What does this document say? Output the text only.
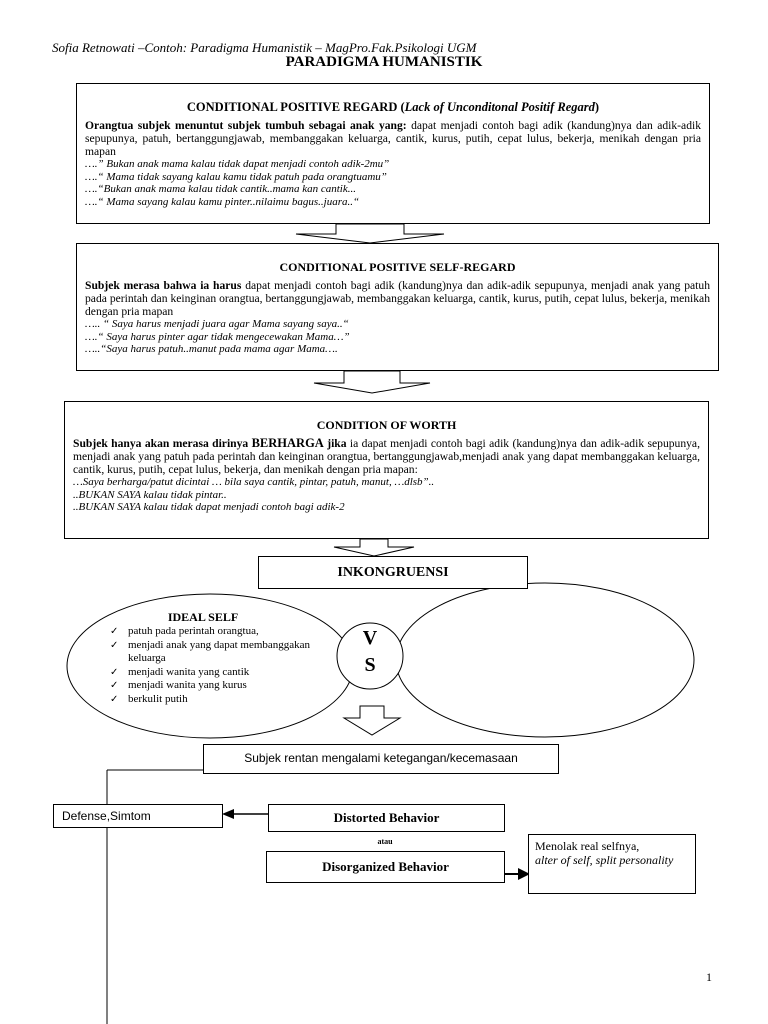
Sofia Retnowati –Contoh: Paradigma Humanistik – MagPro.Fak.Psikologi UGM
PARADIGMA HUMANISTIK
CONDITIONAL POSITIVE REGARD (Lack of Unconditonal Positif Regard)
Orangtua subjek menuntut subjek tumbuh sebagai anak yang: dapat menjadi contoh bagi adik (kandung)nya dan adik-adik sepupunya, patuh, bertanggungjawab, membanggakan keluarga, cantik, kurus, putih, cepat lulus, bekerja, menikah dengan pria mapan
….” Bukan anak mama kalau tidak dapat menjadi contoh adik-2mu”
….“ Mama tidak sayang kalau kamu tidak patuh pada orangtuamu”
….“Bukan anak mama kalau tidak cantik..mama kan cantik...
….“ Mama sayang kalau kamu pinter..nilaimu bagus..juara..“
CONDITIONAL POSITIVE SELF-REGARD
Subjek merasa bahwa ia harus dapat menjadi contoh bagi adik (kandung)nya dan adik-adik sepupunya, menjadi anak yang patuh pada perintah dan keinginan orangtua, bertanggungjawab, membanggakan keluarga, cantik, kurus, putih, cepat lulus, bekerja, menikah dengan pria mapan
….. “ Saya harus menjadi juara agar Mama sayang saya..“
….“ Saya harus pinter agar tidak mengecewakan Mama…”
…..“Saya harus patuh..manut pada mama agar Mama….
CONDITION OF WORTH
Subjek hanya akan merasa dirinya BERHARGA jika ia dapat menjadi contoh bagi adik (kandung)nya dan adik-adik sepupunya, menjadi anak yang patuh pada perintah dan keinginan orangtua, bertanggungjawab,menjadi anak yang dapat membanggakan keluarga, cantik, kurus, putih, cepat lulus, bekerja, dan menikah dengan pria mapan:
…Saya berharga/patut dicintai … bila saya cantik, pintar, patuh, manut, …dlsb”..
..BUKAN SAYA kalau tidak pintar..
..BUKAN SAYA kalau tidak dapat menjadi contoh bagi adik-2
INKONGRUENSI
IDEAL SELF
✓ patuh pada perintah orangtua,
✓ menjadi anak yang dapat membanggakan keluarga
✓ menjadi wanita yang cantik
✓ menjadi wanita yang kurus
✓ berkulit putih
V
S
Subjek rentan mengalami ketegangan/kecemasaan
Defense,Simtom	Distorted Behavior
atau
Disorganized Behavior
Menolak real selfnya,
alter of self, split personality
1
